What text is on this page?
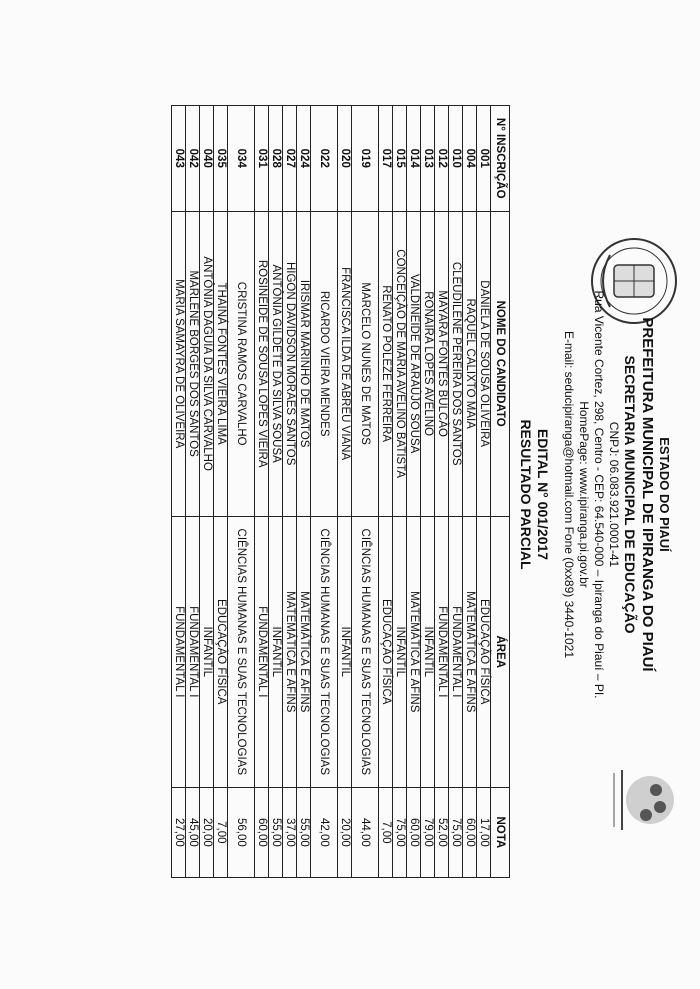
ESTADO DO PIAUÍ
PREFEITURA MUNICIPAL DE IPIRANGA DO PIAUÍ
SECRETARIA MUNICIPAL DE EDUCAÇÃO
CNPJ: 06.083.921.0001-41
Rua Vicente Cortez, 298, Centro - CEP: 64.540-000 – Ipiranga do Piauí – PI.
HomePage: www.ipiranga.pi.gov.br
E-mail: seducipiranga@hotmail.com Fone (0xx89) 3440-1021
EDITAL N° 001/2017
RESULTADO PARCIAL
N° INSCRIÇÃO	NOME DO CANDIDATO	ÁREA	NOTA
001	DANIELA DE SOUSA OLIVEIRA	EDUCAÇÃO FÍSICA	17,00
004	RAQUEL CALIXTO MAIA	MATEMÁTICA E AFINS	60,00
010	CLEUDILENE PEREIRA DOS SANTOS	FUNDAMENTAL I	75,00
012	MAYARA FONTES BULCÃO	FUNDAMENTAL I	52,00
013	RONAIRA LOPES AVELINO	INFANTIL	79,00
014	VALDINEIDE DE ARAÚJO SOUSA	MATEMÁTICA E AFINS	60,00
015	CONCEIÇÃO DE MARIA AVELINO BATISTA	INFANTIL	75,00
017	RENATO POLEZE FERREIRA	EDUCAÇÃO FÍSICA	7,00
019	MARCELO NUNES DE MATOS	CIÊNCIAS HUMANAS E SUAS TECNOLOGIAS	44,00
020	FRANCISCA ILDA DE ABREU VIANA	INFANTIL	20,00
022	RICARDO VIEIRA MENDES	CIÊNCIAS HUMANAS E SUAS TECNOLOGIAS	42,00
024	IRISMAR MARINHO DE MATOS	MATEMÁTICA E AFINS	55,00
027	HIGON DAVIDSON MORAES SANTOS	MATEMÁTICA E AFINS	37,00
028	ANTÔNIA GILDETE DA SILVA SOUSA	INFANTIL	55,00
031	ROSINEIDE DE SOUSA LOPES VIEIRA	FUNDAMENTAL I	60,00
034	CRISTINA RAMOS CARVALHO	CIÊNCIAS HUMANAS E SUAS TECNOLOGIAS	56,00
035	THAINÁ FONTES VIEIRA LIMA	EDUCAÇÃO FÍSICA	7,00
040	ANTÔNIA DAGUIA DA SILVA CARVALHO	INFANTIL	20,00
042	MARLENE BORGES DOS SANTOS	FUNDAMENTAL I	45,00
043	MARIA SAMAYRA DE OLIVEIRA	FUNDAMENTAL I	27,00
